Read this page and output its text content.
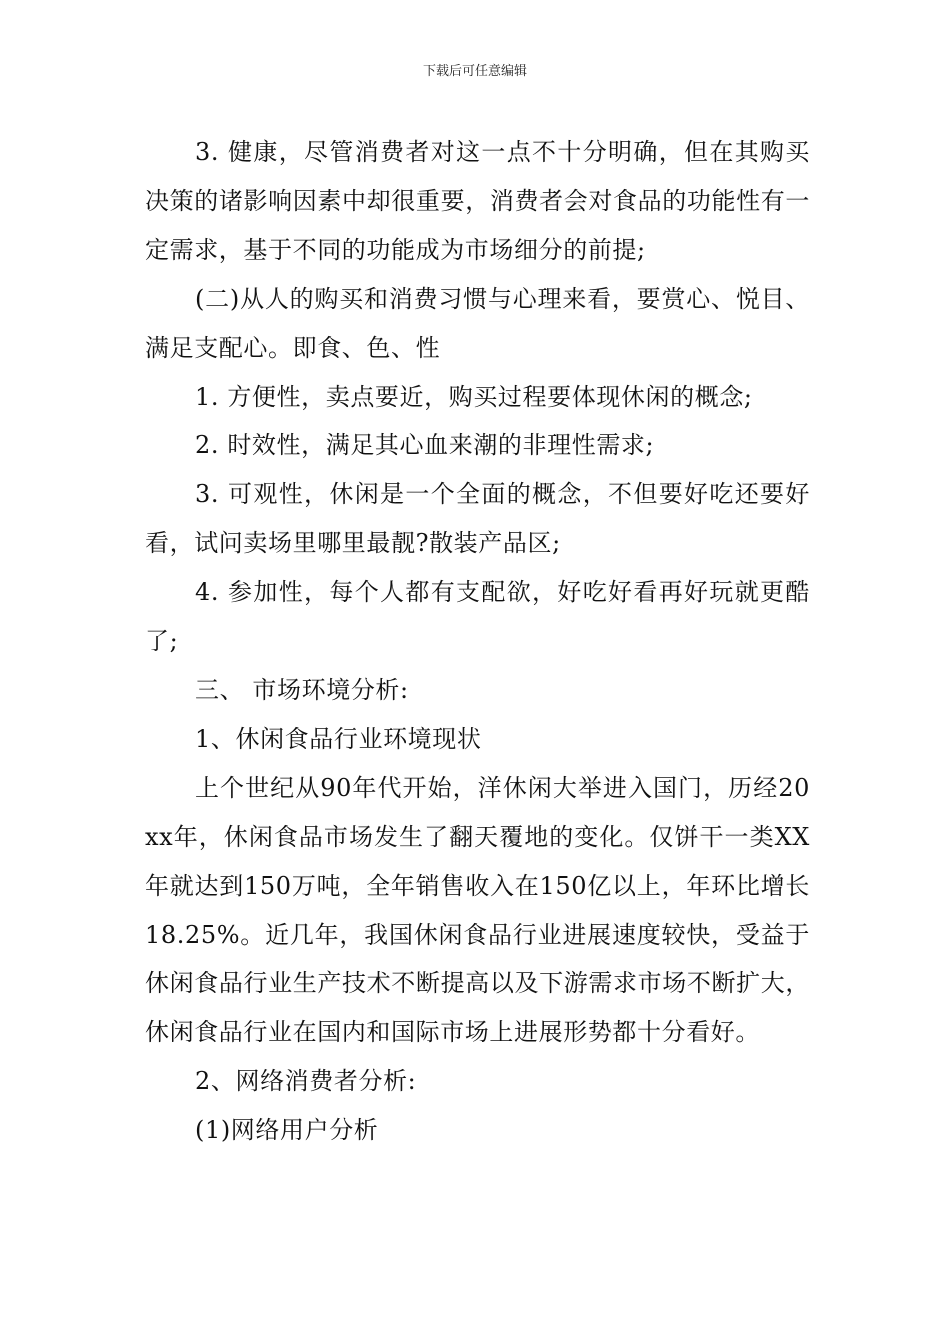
下载后可任意编辑

3. 健康，尽管消费者对这一点不十分明确，但在其购买决策的诸影响因素中却很重要，消费者会对食品的功能性有一定需求，基于不同的功能成为市场细分的前提;

(二)从人的购买和消费习惯与心理来看，要赏心、悦目、满足支配心。即食、色、性

1. 方便性，卖点要近，购买过程要体现休闲的概念;

2. 时效性，满足其心血来潮的非理性需求;

3. 可观性，休闲是一个全面的概念，不但要好吃还要好看，试问卖场里哪里最靓?散装产品区;

4. 参加性，每个人都有支配欲，好吃好看再好玩就更酷了;

三、 市场环境分析:

1、休闲食品行业环境现状

上个世纪从90年代开始，洋休闲大举进入国门，历经20xx年，休闲食品市场发生了翻天覆地的变化。仅饼干一类XX年就达到150万吨，全年销售收入在150亿以上，年环比增长18.25%。近几年，我国休闲食品行业进展速度较快，受益于休闲食品行业生产技术不断提高以及下游需求市场不断扩大，休闲食品行业在国内和国际市场上进展形势都十分看好。

2、网络消费者分析:

(1)网络用户分析
